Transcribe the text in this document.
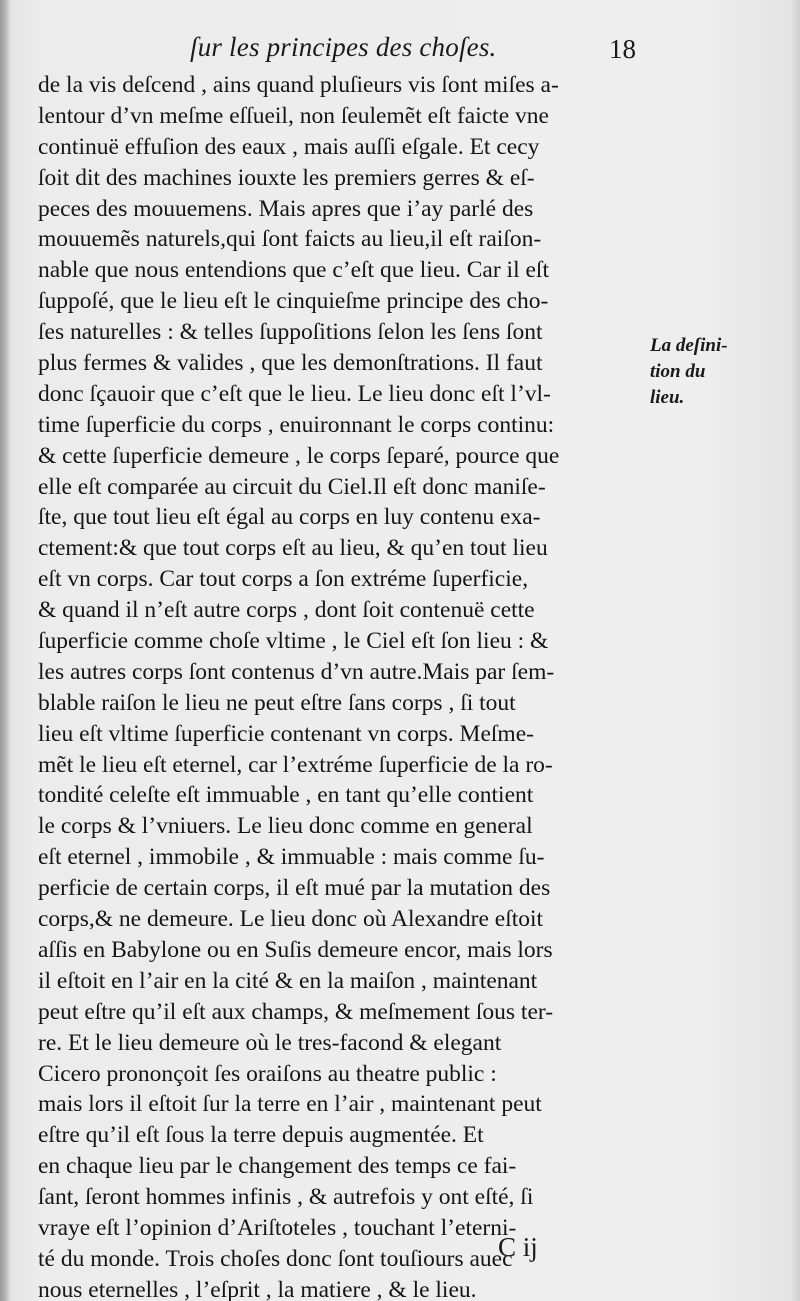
ſur les principes des choſes.	18
de la vis deſcend , ains quand pluſieurs vis ſont miſes a-
lentour d’vn meſme eſſueil, non ſeulemẽt eſt faicte vne
continuë effuſion des eaux , mais auſſi eſgale. Et cecy
ſoit dit des machines iouxte les premiers gerres & eſ-
peces des mouuemens. Mais apres que i’ay parlé des
mouuemẽs naturels,qui ſont faicts au lieu,il eſt raiſon-
nable que nous entendions que c’eſt que lieu. Car il eſt
ſuppoſé, que le lieu eſt le cinquieſme principe des cho-
ſes naturelles : & telles ſuppoſitions ſelon les ſens ſont
plus fermes & valides , que les demonſtrations. Il faut
donc ſçauoir que c’eſt que le lieu. Le lieu donc eſt l’vl-
time ſuperficie du corps , enuironnant le corps continu:
& cette ſuperficie demeure , le corps ſeparé, pource que
elle eſt comparée au circuit du Ciel.Il eſt donc maniſe-
ſte, que tout lieu eſt égal au corps en luy contenu exa-
ctement:& que tout corps eſt au lieu, & qu’en tout lieu
eſt vn corps. Car tout corps a ſon extréme ſuperficie,
& quand il n’eſt autre corps , dont ſoit contenuë cette
ſuperficie comme choſe vltime , le Ciel eſt ſon lieu : &
les autres corps ſont contenus d’vn autre.Mais par ſem-
blable raiſon le lieu ne peut eſtre ſans corps , ſi tout
lieu eſt vltime ſuperficie contenant vn corps. Meſme-
mẽt le lieu eſt eternel, car l’extréme ſuperficie de la ro-
tondité celeſte eſt immuable , en tant qu’elle contient
le corps & l’vniuers. Le lieu donc comme en general
eſt eternel , immobile , & immuable : mais comme ſu-
perficie de certain corps, il eſt mué par la mutation des
corps,& ne demeure. Le lieu donc où Alexandre eſtoit
aſſis en Babylone ou en Suſis demeure encor, mais lors
il eſtoit en l’air en la cité & en la maiſon , maintenant
peut eſtre qu’il eſt aux champs, & meſmement ſous ter-
re. Et le lieu demeure où le tres-facond & elegant
Cicero prononçoit ſes oraiſons au theatre public :
mais lors il eſtoit ſur la terre en l’air , maintenant peut
eſtre qu’il eſt ſous la terre depuis augmentée. Et
en chaque lieu par le changement des temps ce fai-
ſant, ſeront hommes infinis , & autrefois y ont eſté, ſi
vraye eſt l’opinion d’Ariſtoteles , touchant l’eterni-
té du monde. Trois choſes donc ſont touſiours auec
nous eternelles , l’eſprit , la matiere , & le lieu.
La deſini-
tion du
lieu.
C ij
